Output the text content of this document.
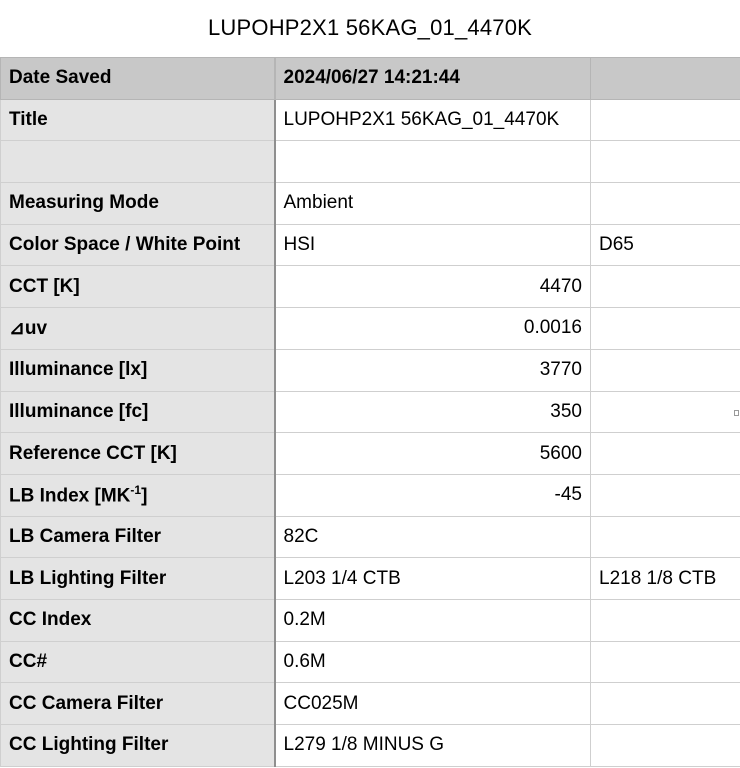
LUPOHP2X1 56KAG_01_4470K
Date Saved	2024/06/27 14:21:44	
Title	LUPOHP2X1 56KAG_01_4470K	

Measuring Mode	Ambient	
Color Space / White Point	HSI	D65
CCT [K]	4470	
⊿uv	0.0016	
Illuminance [lx]	3770	
Illuminance [fc]	350	
Reference CCT [K]	5600	
LB Index $[MK^{-1}]$	-45	
LB Camera Filter	82C	
LB Lighting Filter	L203 1/4 CTB	L218 1/8 CTB
CC Index	0.2M	
CC#	0.6M	
CC Camera Filter	CC025M	
CC Lighting Filter	L279 1/8 MINUS G	
